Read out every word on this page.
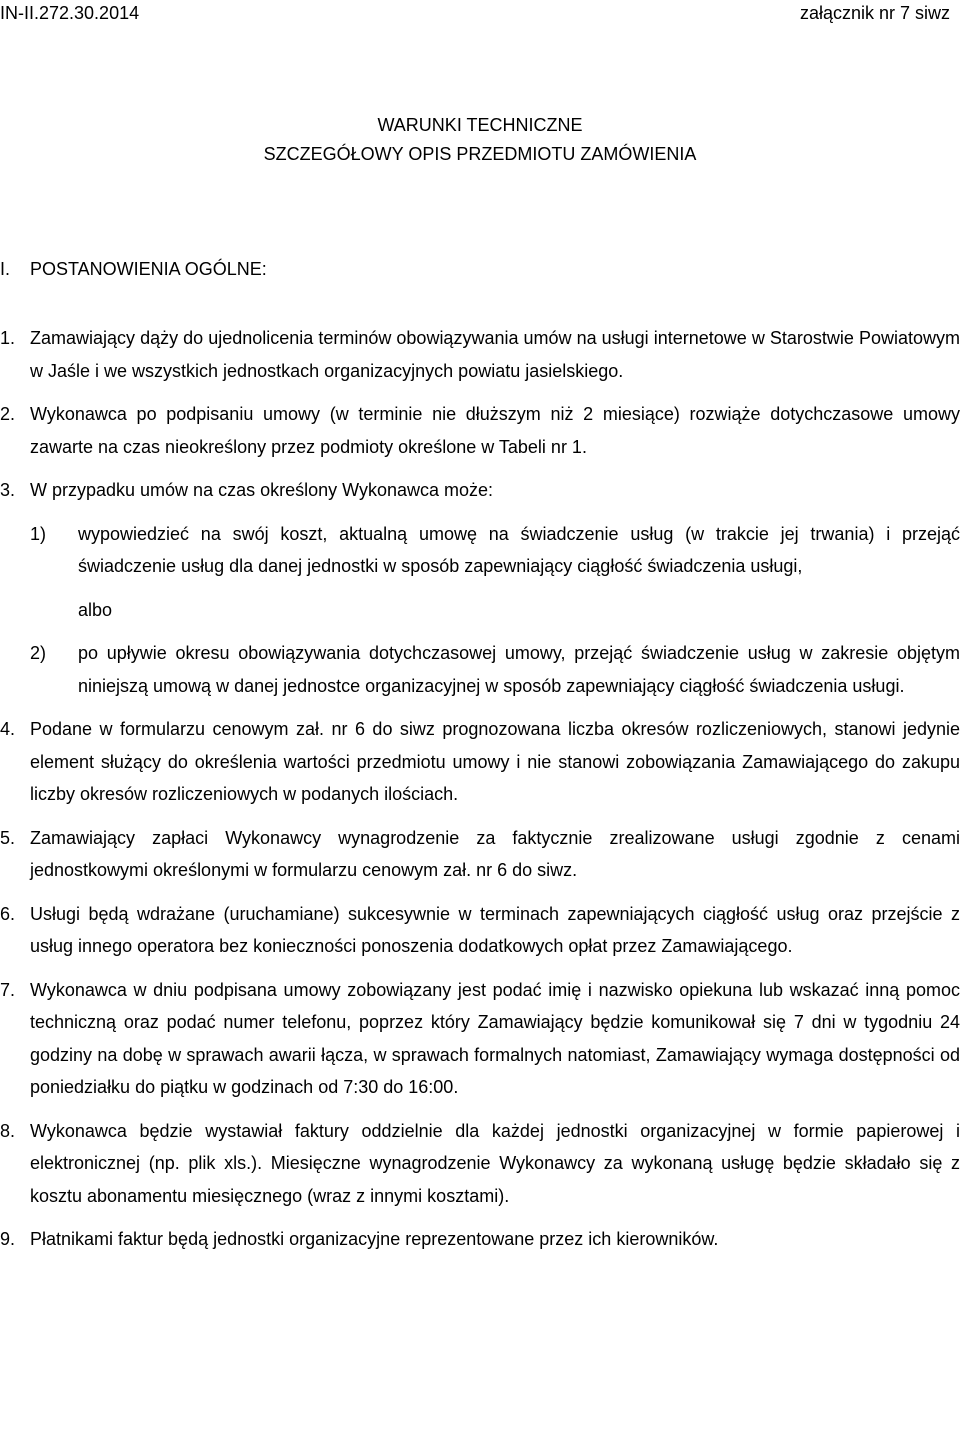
IN-II.272.30.2014	załącznik nr 7 siwz
WARUNKI TECHNICZNE
SZCZEGÓŁOWY OPIS PRZEDMIOTU ZAMÓWIENIA
I. POSTANOWIENIA OGÓLNE:

1. Zamawiający dąży do ujednolicenia terminów obowiązywania umów na usługi internetowe w Starostwie Powiatowym w Jaśle i we wszystkich jednostkach organizacyjnych powiatu jasielskiego.

2. Wykonawca po podpisaniu umowy (w terminie nie dłuższym niż 2 miesiące) rozwiąże dotychczasowe umowy zawarte na czas nieokreślony przez podmioty określone w Tabeli nr 1.

3. W przypadku umów na czas określony Wykonawca może:

1) wypowiedzieć na swój koszt, aktualną umowę na świadczenie usług (w trakcie jej trwania) i przejąć świadczenie usług dla danej jednostki w sposób zapewniający ciągłość świadczenia usługi,

albo

2) po upływie okresu obowiązywania dotychczasowej umowy, przejąć świadczenie usług w zakresie objętym niniejszą umową w danej jednostce organizacyjnej w sposób zapewniający ciągłość świadczenia usługi.

4. Podane w formularzu cenowym zał. nr 6 do siwz prognozowana liczba okresów rozliczeniowych, stanowi jedynie element służący do określenia wartości przedmiotu umowy i nie stanowi zobowiązania Zamawiającego do zakupu liczby okresów rozliczeniowych w podanych ilościach.

5. Zamawiający zapłaci Wykonawcy wynagrodzenie za faktycznie zrealizowane usługi zgodnie z cenami jednostkowymi określonymi w formularzu cenowym zał. nr 6 do siwz.

6. Usługi będą wdrażane (uruchamiane) sukcesywnie w terminach zapewniających ciągłość usług oraz przejście z usług innego operatora bez konieczności ponoszenia dodatkowych opłat przez Zamawiającego.

7. Wykonawca w dniu podpisana umowy zobowiązany jest podać imię i nazwisko opiekuna lub wskazać inną pomoc techniczną oraz podać numer telefonu, poprzez który Zamawiający będzie komunikował się 7 dni w tygodniu 24 godziny na dobę w sprawach awarii łącza, w sprawach formalnych natomiast, Zamawiający wymaga dostępności od poniedziałku do piątku w godzinach od 7:30 do 16:00.

8. Wykonawca będzie wystawiał faktury oddzielnie dla każdej jednostki organizacyjnej w formie papierowej i elektronicznej (np. plik xls.). Miesięczne wynagrodzenie Wykonawcy za wykonaną usługę będzie składało się z kosztu abonamentu miesięcznego (wraz z innymi kosztami).

9. Płatnikami faktur będą jednostki organizacyjne reprezentowane przez ich kierowników.
